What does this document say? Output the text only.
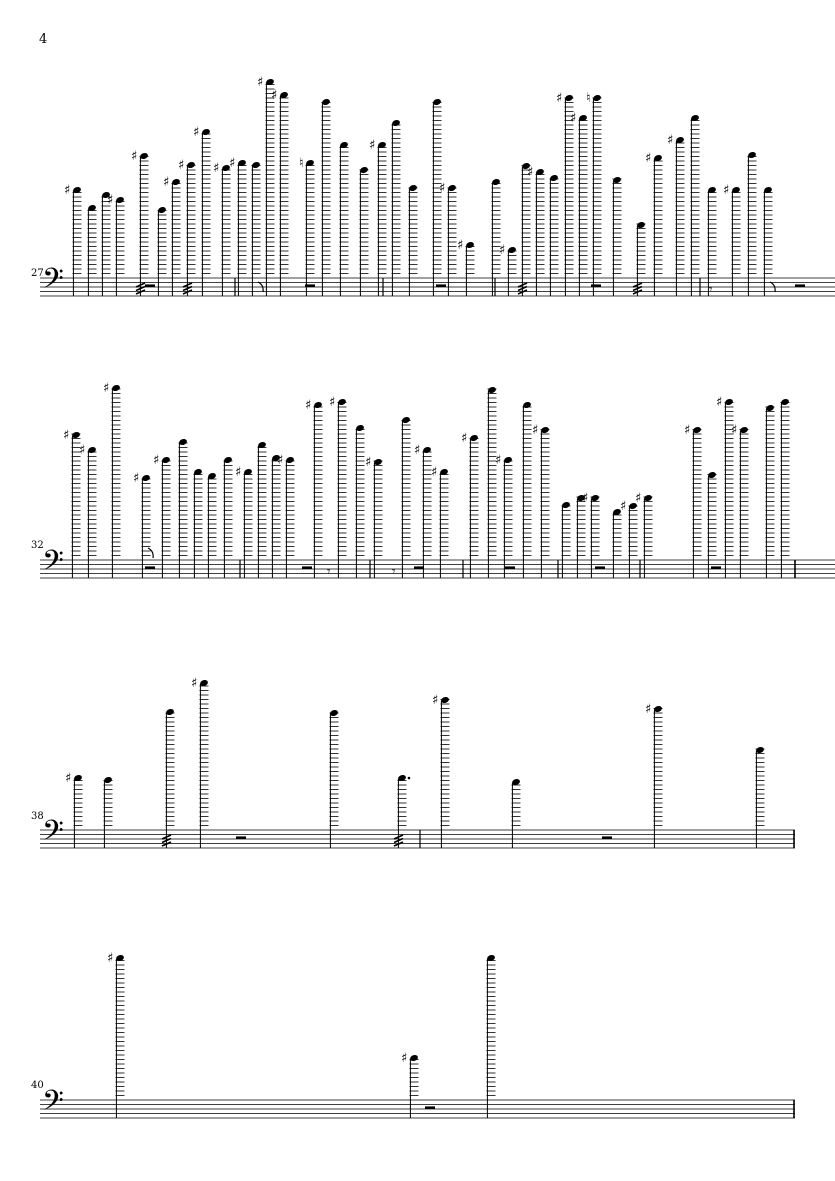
4
27
32
38
40
𝄢
♯
♯
♯
♯
♯
♯
♯ ♯
♯
♯
♮
♯
♯
♯	♯
♯
♯
♯
♮
♯
♯
♯
𝄾
𝄢
♯
♯
♯
♯
♯
♯
♯
♯ ♯
♯
♯
♯
♯
♯
♯
♯
♯
♯
♯
♯
♯
𝄾	𝄾
𝄢
♯
♯
♯
♯
𝄢
♯
♯
